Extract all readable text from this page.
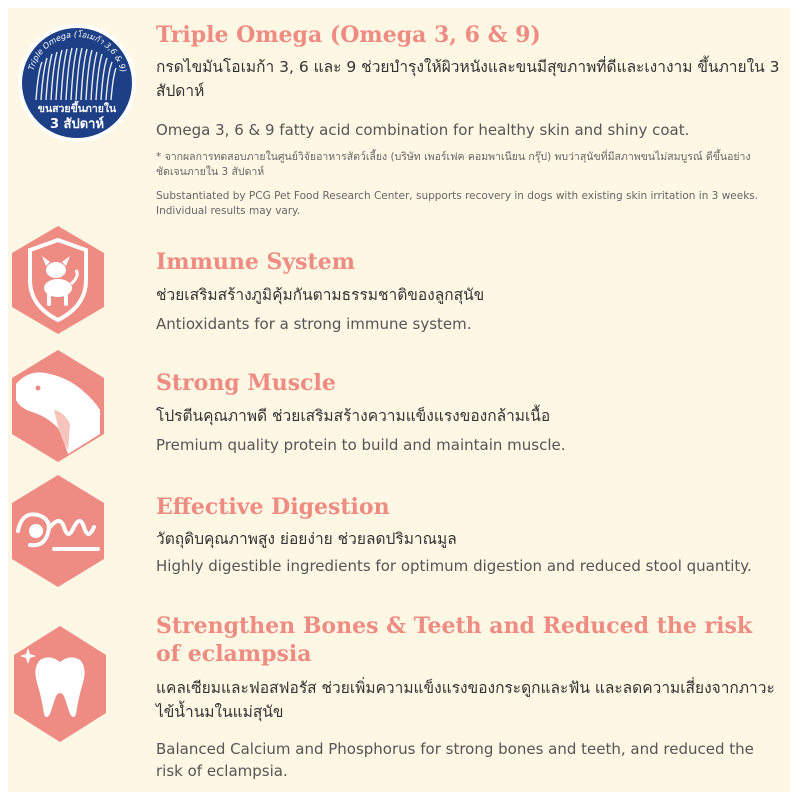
Triple Omega (โอเมก้า 3,6 & 9)
ขนสวยขึ้นภายใน
3 สัปดาห์
Triple Omega (Omega 3, 6 & 9)
กรดไขมันโอเมก้า 3, 6 และ 9 ช่วยบำรุงให้ผิวหนังและขนมีสุขภาพที่ดีและเงางาม ขึ้นภายใน 3 สัปดาห์
Omega 3, 6 & 9 fatty acid combination for healthy skin and shiny coat.
* จากผลการทดสอบภายในศูนย์วิจัยอาหารสัตว์เลี้ยง (บริษัท เพอร์เฟค คอมพาเนียน กรุ๊ป) พบว่าสุนัขที่มีสภาพขนไม่สมบูรณ์ ดีขึ้นอย่างชัดเจนภายใน 3 สัปดาห์
Substantiated by PCG Pet Food Research Center, supports recovery in dogs with existing skin irritation in 3 weeks. Individual results may vary.
Immune System
ช่วยเสริมสร้างภูมิคุ้มกันตามธรรมชาติของลูกสุนัข
Antioxidants for a strong immune system.
Strong Muscle
โปรตีนคุณภาพดี ช่วยเสริมสร้างความแข็งแรงของกล้ามเนื้อ
Premium quality protein to build and maintain muscle.
Effective Digestion
วัตถุดิบคุณภาพสูง ย่อยง่าย ช่วยลดปริมาณมูล
Highly digestible ingredients for optimum digestion and reduced stool quantity.
Strengthen Bones & Teeth and Reduced the risk of eclampsia
แคลเซียมและฟอสฟอรัส ช่วยเพิ่มความแข็งแรงของกระดูกและฟัน และลดความเสี่ยงจากภาวะไข้น้ำนมในแม่สุนัข
Balanced Calcium and Phosphorus for strong bones and teeth, and reduced the risk of eclampsia.
